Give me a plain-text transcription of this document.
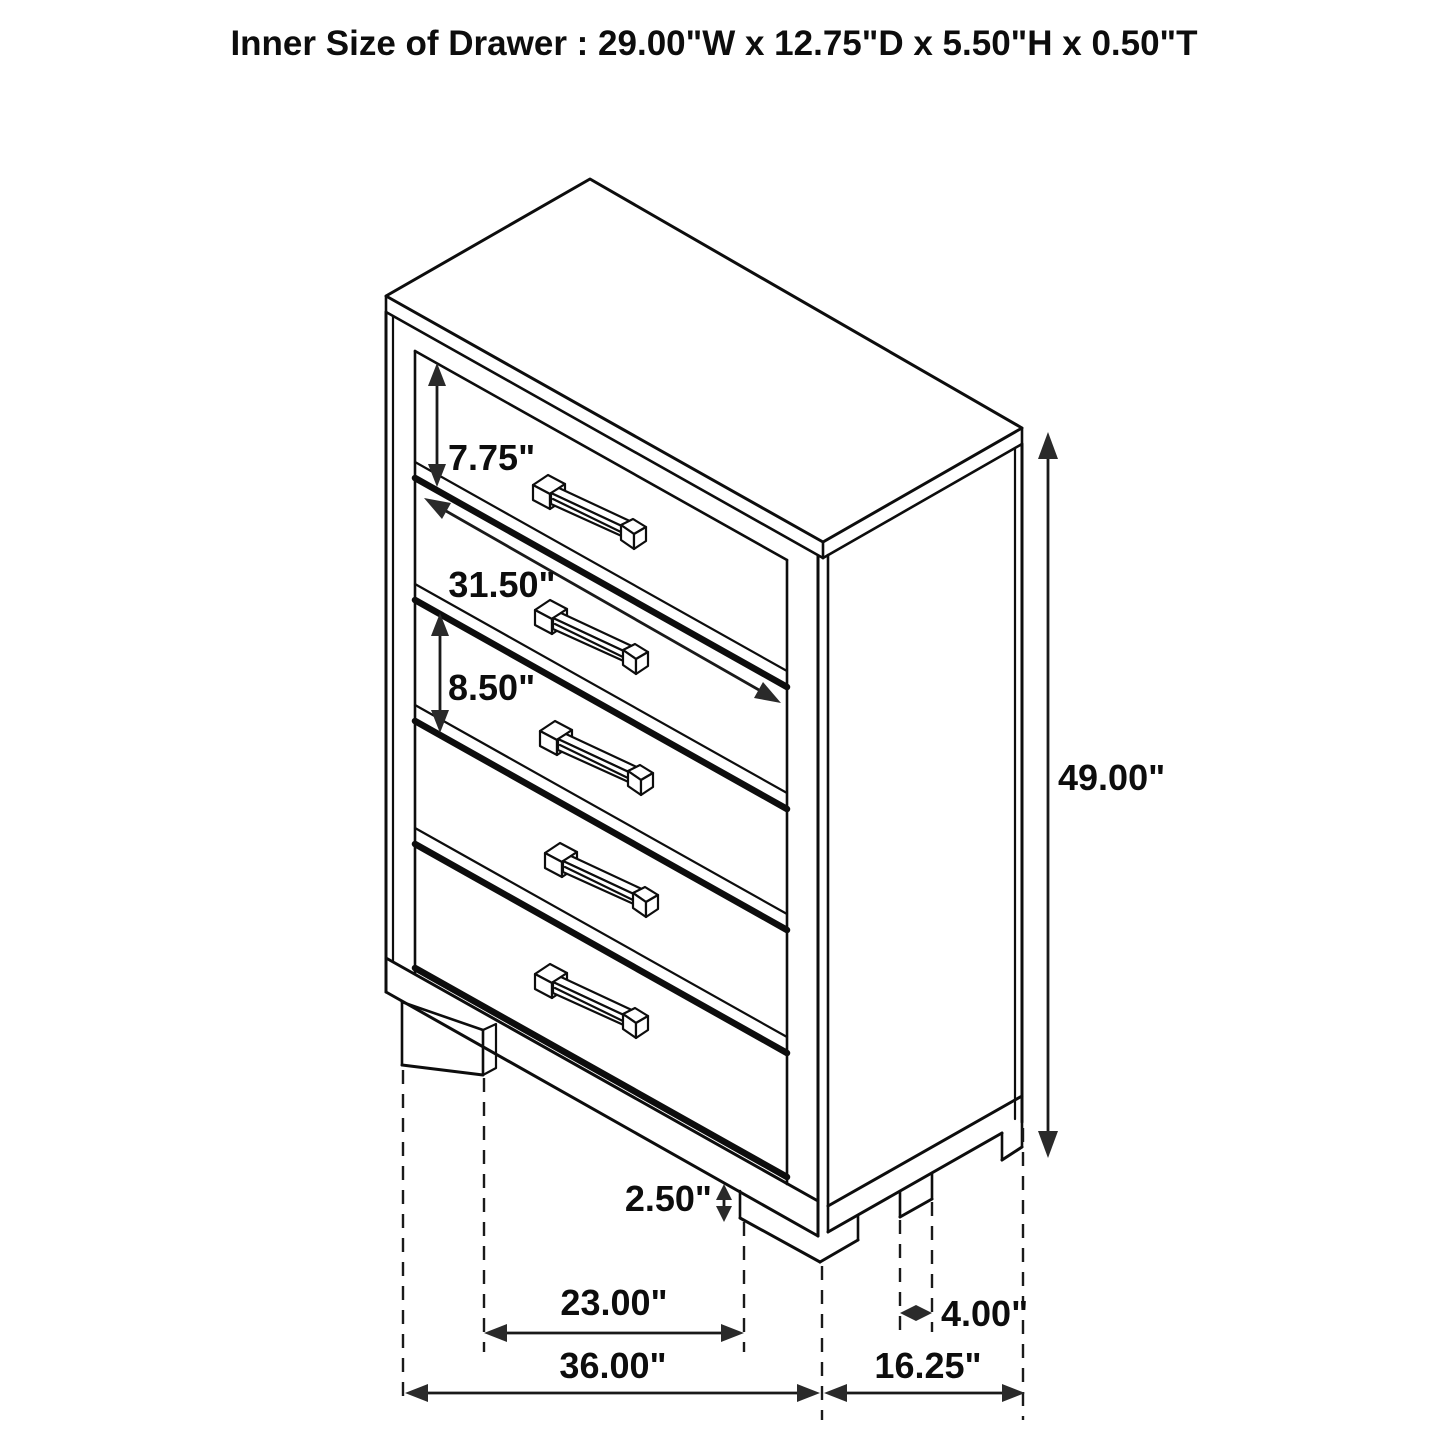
Inner Size of Drawer : 29.00"W x 12.75"D x 5.50"H x 0.50"T
7.75"
31.50"
8.50"
49.00"
2.50"
23.00"
36.00"	16.25"
4.00"
